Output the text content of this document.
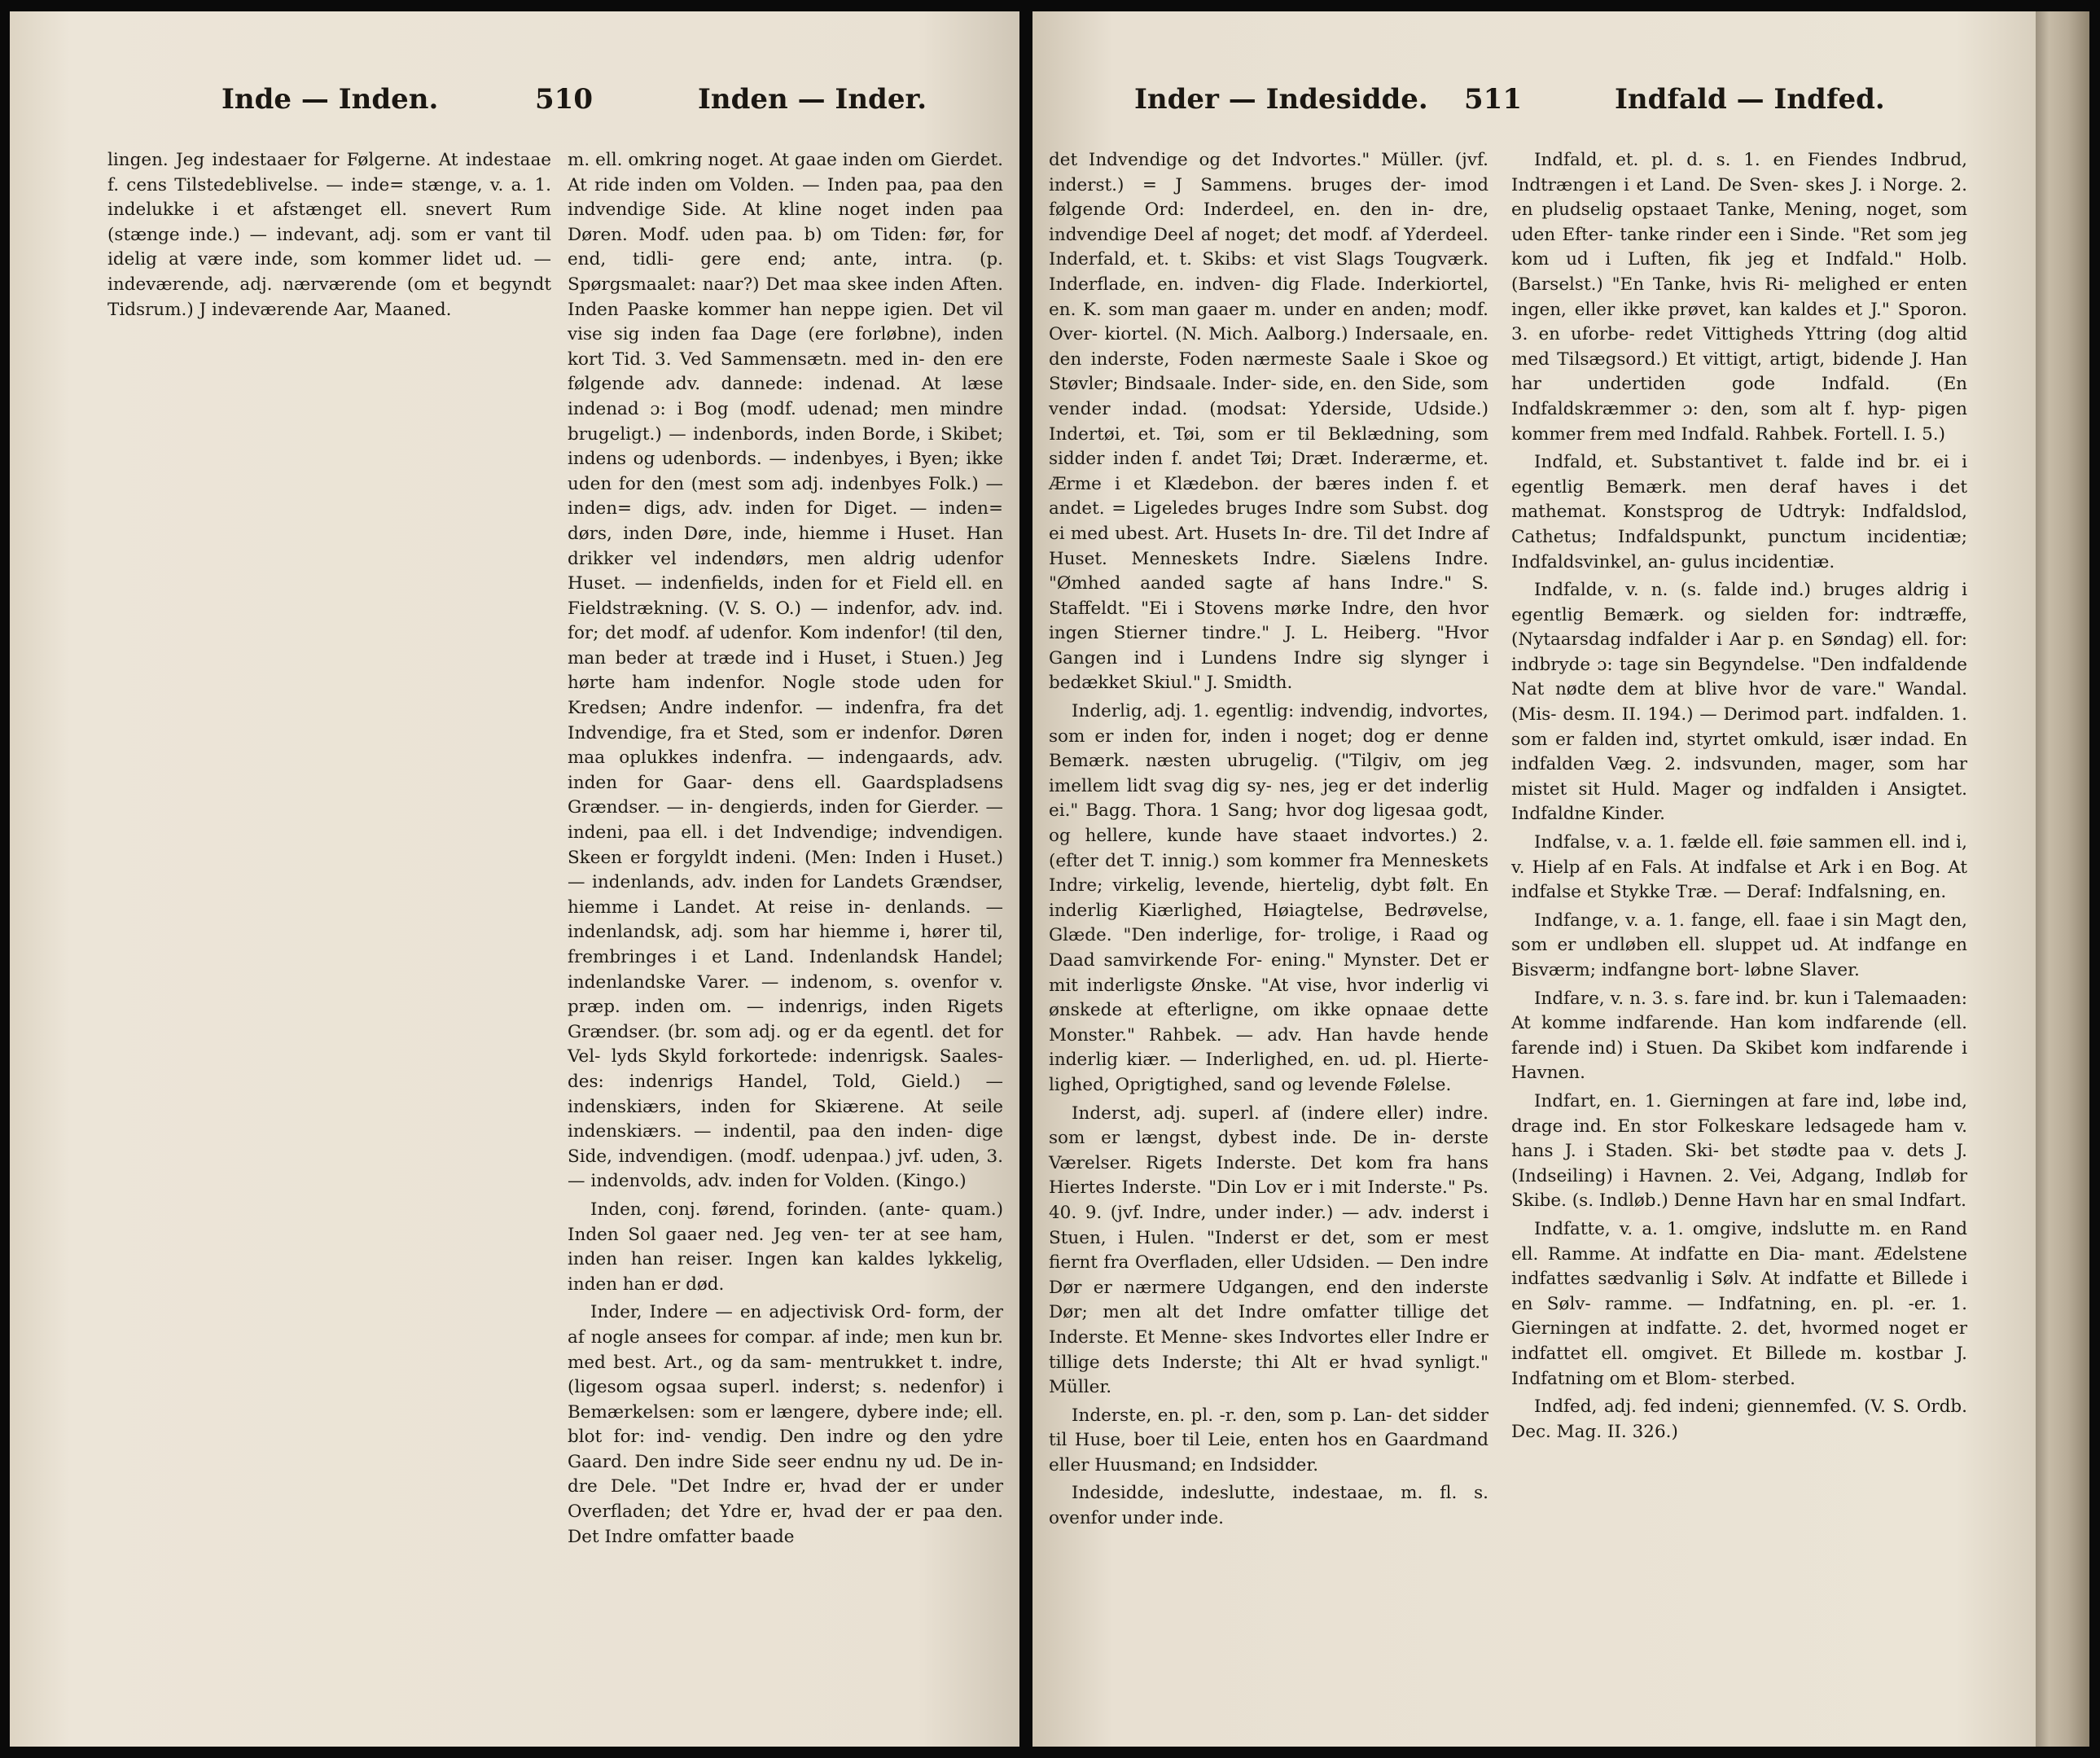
Inde — Inden.	510	Inden — Inder.

lingen. Jeg indestaaer for Følgerne. At indestaae f. cens Tilstedeblivelse. — inde= stænge, v. a. 1. indelukke i et afstænget ell. snevert Rum (stænge inde.) — indevant, adj. som er vant til idelig at være inde, som kommer lidet ud. — indeværende, adj. nærværende (om et begyndt Tidsrum.) J indeværende Aar, Maaned.

m. ell. omkring noget. At gaae inden om Gierdet. At ride inden om Volden. — Inden paa, paa den indvendige Side. At kline noget inden paa Døren. Modf. uden paa. b) om Tiden: før, for end, tidli- gere end; ante, intra. (p. Spørgsmaalet: naar?) Det maa skee inden Aften. Inden Paaske kommer han neppe igien. Det vil vise sig inden faa Dage (ere forløbne), inden kort Tid. 3. Ved Sammensætn. med in- den ere følgende adv. dannede: indenad. At læse indenad ɔ: i Bog (modf. udenad; men mindre brugeligt.) — indenbords, inden Borde, i Skibet; indens og udenbords. — indenbyes, i Byen; ikke uden for den (mest som adj. indenbyes Folk.) — inden= digs, adv. inden for Diget. — inden= dørs, inden Døre, inde, hiemme i Huset. Han drikker vel indendørs, men aldrig udenfor Huset. — indenfields, inden for et Field ell. en Fieldstrækning. (V. S. O.) — indenfor, adv. ind. for; det modf. af udenfor. Kom indenfor! (til den, man beder at træde ind i Huset, i Stuen.) Jeg hørte ham indenfor. Nogle stode uden for Kredsen; Andre indenfor. — indenfra, fra det Indvendige, fra et Sted, som er indenfor. Døren maa oplukkes indenfra. — indengaards, adv. inden for Gaar- dens ell. Gaardspladsens Grændser. — in- dengierds, inden for Gierder. — indeni, paa ell. i det Indvendige; indvendigen. Skeen er forgyldt indeni. (Men: Inden i Huset.) — indenlands, adv. inden for Landets Grændser, hiemme i Landet. At reise in- denlands. — indenlandsk, adj. som har hiemme i, hører til, frembringes i et Land. Indenlandsk Handel; indenlandske Varer. — indenom, s. ovenfor v. præp. inden om. — indenrigs, inden Rigets Grændser. (br. som adj. og er da egentl. det for Vel- lyds Skyld forkortede: indenrigsk. Saales- des: indenrigs Handel, Told, Gield.) — indenskiærs, inden for Skiærene. At seile indenskiærs. — indentil, paa den inden- dige Side, indvendigen. (modf. udenpaa.) jvf. uden, 3. — indenvolds, adv. inden for Volden. (Kingo.)

Inden, conj. førend, forinden. (ante- quam.) Inden Sol gaaer ned. Jeg ven- ter at see ham, inden han reiser. Ingen kan kaldes lykkelig, inden han er død.

Inder, Indere — en adjectivisk Ord- form, der af nogle ansees for compar. af inde; men kun br. med best. Art., og da sam- mentrukket t. indre, (ligesom ogsaa superl. inderst; s. nedenfor) i Bemærkelsen: som er længere, dybere inde; ell. blot for: ind- vendig. Den indre og den ydre Gaard. Den indre Side seer endnu ny ud. De in- dre Dele. "Det Indre er, hvad der er under Overfladen; det Ydre er, hvad der er paa den. Det Indre omfatter baade

Inder — Indesidde. 511	Indfald — Indfed.

det Indvendige og det Indvortes." Müller. (jvf. inderst.) = J Sammens. bruges der- imod følgende Ord: Inderdeel, en. den in- dre, indvendige Deel af noget; det modf. af Yderdeel. Inderfald, et. t. Skibs: et vist Slags Tougværk. Inderflade, en. indven- dig Flade. Inderkiortel, en. K. som man gaaer m. under en anden; modf. Over- kiortel. (N. Mich. Aalborg.) Indersaale, en. den inderste, Foden nærmeste Saale i Skoe og Støvler; Bindsaale. Inder- side, en. den Side, som vender indad. (modsat: Yderside, Udside.) Indertøi, et. Tøi, som er til Beklædning, som sidder inden f. andet Tøi; Dræt. Inderærme, et. Ærme i et Klædebon. der bæres inden f. et andet. = Ligeledes bruges Indre som Subst. dog ei med ubest. Art. Husets In- dre. Til det Indre af Huset. Menneskets Indre. Siælens Indre. "Ømhed aanded sagte af hans Indre." S. Staffeldt. "Ei i Stovens mørke Indre, den hvor ingen Stierner tindre." J. L. Heiberg. "Hvor Gangen ind i Lundens Indre sig slynger i bedækket Skiul." J. Smidth.

Inderlig, adj. 1. egentlig: indvendig, indvortes, som er inden for, inden i noget; dog er denne Bemærk. næsten ubrugelig. ("Tilgiv, om jeg imellem lidt svag dig sy- nes, jeg er det inderlig ei." Bagg. Thora. 1 Sang; hvor dog ligesaa godt, og hellere, kunde have staaet indvortes.) 2. (efter det T. innig.) som kommer fra Menneskets Indre; virkelig, levende, hiertelig, dybt følt. En inderlig Kiærlighed, Høiagtelse, Bedrøvelse, Glæde. "Den inderlige, for- trolige, i Raad og Daad samvirkende For- ening." Mynster. Det er mit inderligste Ønske. "At vise, hvor inderlig vi ønskede at efterligne, om ikke opnaae dette Monster." Rahbek. — adv. Han havde hende inderlig kiær. — Inderlighed, en. ud. pl. Hierte- lighed, Oprigtighed, sand og levende Følelse.

Inderst, adj. superl. af (indere eller) indre. som er længst, dybest inde. De in- derste Værelser. Rigets Inderste. Det kom fra hans Hiertes Inderste. "Din Lov er i mit Inderste." Ps. 40. 9. (jvf. Indre, under inder.) — adv. inderst i Stuen, i Hulen. "Inderst er det, som er mest fiernt fra Overfladen, eller Udsiden. — Den indre Dør er nærmere Udgangen, end den inderste Dør; men alt det Indre omfatter tillige det Inderste. Et Menne- skes Indvortes eller Indre er tillige dets Inderste; thi Alt er hvad synligt." Müller.

Inderste, en. pl. -r. den, som p. Lan- det sidder til Huse, boer til Leie, enten hos en Gaardmand eller Huusmand; en Indsidder.

Indesidde, indeslutte, indestaae, m. fl. s. ovenfor under inde.

Indfald, et. pl. d. s. 1. en Fiendes Indbrud, Indtrængen i et Land. De Sven- skes J. i Norge. 2. en pludselig opstaaet Tanke, Mening, noget, som uden Efter- tanke rinder een i Sinde. "Ret som jeg kom ud i Luften, fik jeg et Indfald." Holb. (Barselst.) "En Tanke, hvis Ri- melighed er enten ingen, eller ikke prøvet, kan kaldes et J." Sporon. 3. en uforbe- redet Vittigheds Yttring (dog altid med Tilsægsord.) Et vittigt, artigt, bidende J. Han har undertiden gode Indfald. (En Indfaldskræmmer ɔ: den, som alt f. hyp- pigen kommer frem med Indfald. Rahbek. Fortell. I. 5.)

Indfald, et. Substantivet t. falde ind br. ei i egentlig Bemærk. men deraf haves i det mathemat. Konstsprog de Udtryk: Indfaldslod, Cathetus; Indfaldspunkt, punctum incidentiæ; Indfaldsvinkel, an- gulus incidentiæ.

Indfalde, v. n. (s. falde ind.) bruges aldrig i egentlig Bemærk. og sielden for: indtræffe, (Nytaarsdag indfalder i Aar p. en Søndag) ell. for: indbryde ɔ: tage sin Begyndelse. "Den indfaldende Nat nødte dem at blive hvor de vare." Wandal. (Mis- desm. II. 194.) — Derimod part. indfalden. 1. som er falden ind, styrtet omkuld, især indad. En indfalden Væg. 2. indsvunden, mager, som har mistet sit Huld. Mager og indfalden i Ansigtet. Indfaldne Kinder.

Indfalse, v. a. 1. fælde ell. føie sammen ell. ind i, v. Hielp af en Fals. At indfalse et Ark i en Bog. At indfalse et Stykke Træ. — Deraf: Indfalsning, en.

Indfange, v. a. 1. fange, ell. faae i sin Magt den, som er undløben ell. sluppet ud. At indfange en Bisværm; indfangne bort- løbne Slaver.

Indfare, v. n. 3. s. fare ind. br. kun i Talemaaden: At komme indfarende. Han kom indfarende (ell. farende ind) i Stuen. Da Skibet kom indfarende i Havnen.

Indfart, en. 1. Gierningen at fare ind, løbe ind, drage ind. En stor Folkeskare ledsagede ham v. hans J. i Staden. Ski- bet stødte paa v. dets J. (Indseiling) i Havnen. 2. Vei, Adgang, Indløb for Skibe. (s. Indløb.) Denne Havn har en smal Indfart.

Indfatte, v. a. 1. omgive, indslutte m. en Rand ell. Ramme. At indfatte en Dia- mant. Ædelstene indfattes sædvanlig i Sølv. At indfatte et Billede i en Sølv- ramme. — Indfatning, en. pl. -er. 1. Gierningen at indfatte. 2. det, hvormed noget er indfattet ell. omgivet. Et Billede m. kostbar J. Indfatning om et Blom- sterbed.

Indfed, adj. fed indeni; giennemfed. (V. S. Ordb. Dec. Mag. II. 326.)
